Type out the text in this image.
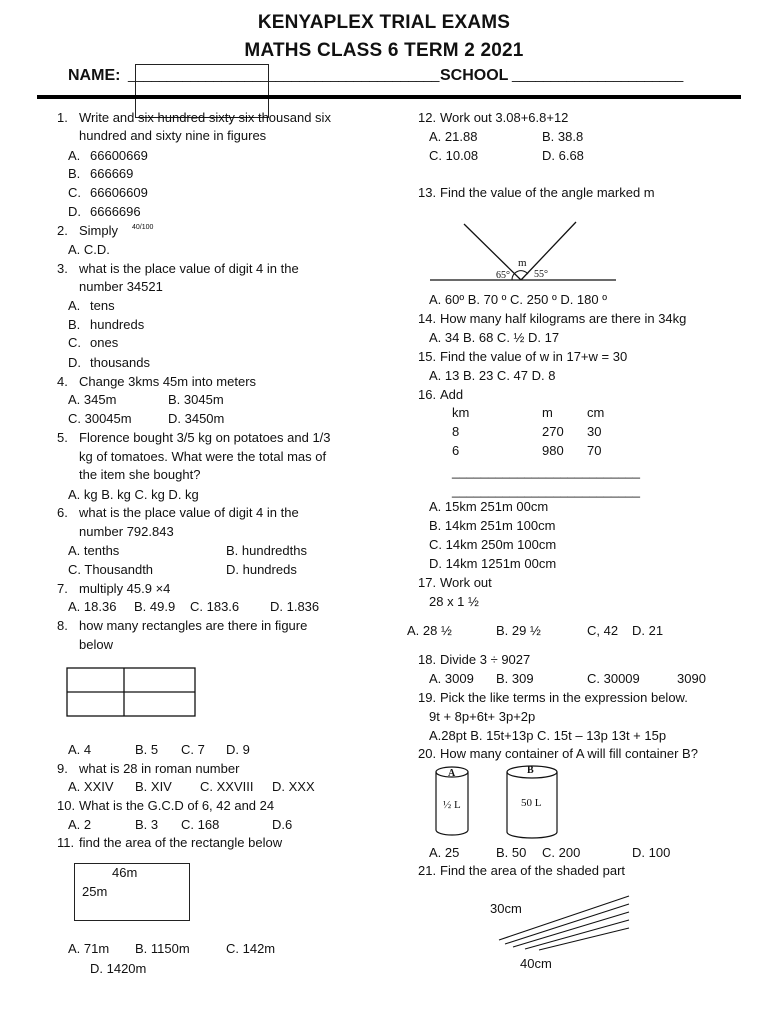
KENYAPLEX TRIAL EXAMS
MATHS CLASS 6 TERM 2 2021
NAME: ________________________________________ SCHOOL ______________________
1. Write and six hundred sixty six thousand six
hundred and sixty nine in figures
A. 66600669
B. 666669
C. 66606609
D. 6666696
2. Simply 40/100
A. C.D.
3. what is the place value of digit 4 in the
number 34521
A. tens
B. hundreds
C. ones
D. thousands
4. Change 3kms 45m into meters
A. 345m	B. 3045m
C. 30045m	D. 3450m
5. Florence bought 3/5 kg on potatoes and 1/3
kg of tomatoes. What were the total mas of
the item she bought?
A. kg B. kg C. kg D. kg
6. what is the place value of digit 4 in the
number 792.843
A. tenths	B. hundredths
C. Thousandth	D. hundreds
7. multiply 45.9 ×4
A. 18.36 B. 49.9 C. 183.6 D. 1.836
8. how many rectangles are there in figure
below
A. 4	B. 5 C. 7 D. 9
9. what is 28 in roman number
A. XXIV B. XIV C. XXVIII D. XXX
10. What is the G.C.D of 6, 42 and 24
A. 2	B. 3 C. 168	D.6
11. find the area of the rectangle below
46m
25m
A. 71m B. 1150m	C. 142m
D. 1420m
12. Work out 3.08+6.8+12
A. 21.88	B. 38.8
C. 10.08	D. 6.68
13. Find the value of the angle marked m
m
65° 55°
A. 60º B. 70 º C. 250 º D. 180 º
14. How many half kilograms are there in 34kg
A. 34 B. 68 C. ½ D. 17
15. Find the value of w in 17+w = 30
A. 13 B. 23 C. 47 D. 8
16. Add
km	m	cm
8	270 30
6	980 70
__________________________
__________________________
A. 15km 251m 00cm
B. 14km 251m 100cm
C. 14km 250m 100cm
D. 14km 1251m 00cm
17. Work out
28 x 1 ½
A. 28 ½	B. 29 ½	C, 42 D. 21
18. Divide 3 ÷ 9027
A. 3009 B. 309	C. 30009	3090
19. Pick the like terms in the expression below.
9t + 8p+6t+ 3p+2p
A.28pt B. 15t+13p C. 15t – 13p 13t + 15p
20. How many container of A will fill container B?
A	B
½ L	50 L
A. 25	B. 50 C. 200	D. 100
21. Find the area of the shaded part
30cm
40cm
